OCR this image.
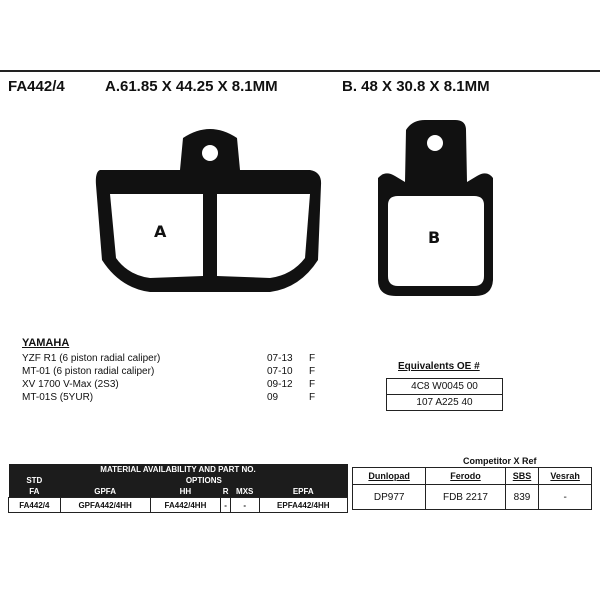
FA442/4	A.61.85 X 44.25 X 8.1MM	B. 48 X 30.8 X 8.1MM
A	B
YAMAHA
YZF R1 (6 piston radial caliper)	07-13 F
MT-01 (6 piston radial caliper)	07-10 F
XV 1700 V-Max (2S3)	09-12 F
MT-01S (5YUR)	09	F
Equivalents OE #
4C8 W0045 00
107 A225 40
MATERIAL AVAILABILITY AND PART NO.					
STD	OPTIONS				
FA	GPFA	HH	R	MXS	EPFA
FA442/4	GPFA442/4HH	FA442/4HH	-	-	EPFA442/4HH
Competitor X Ref
Dunlopad	Ferodo	SBS	Vesrah
DP977	FDB 2217	839	-
